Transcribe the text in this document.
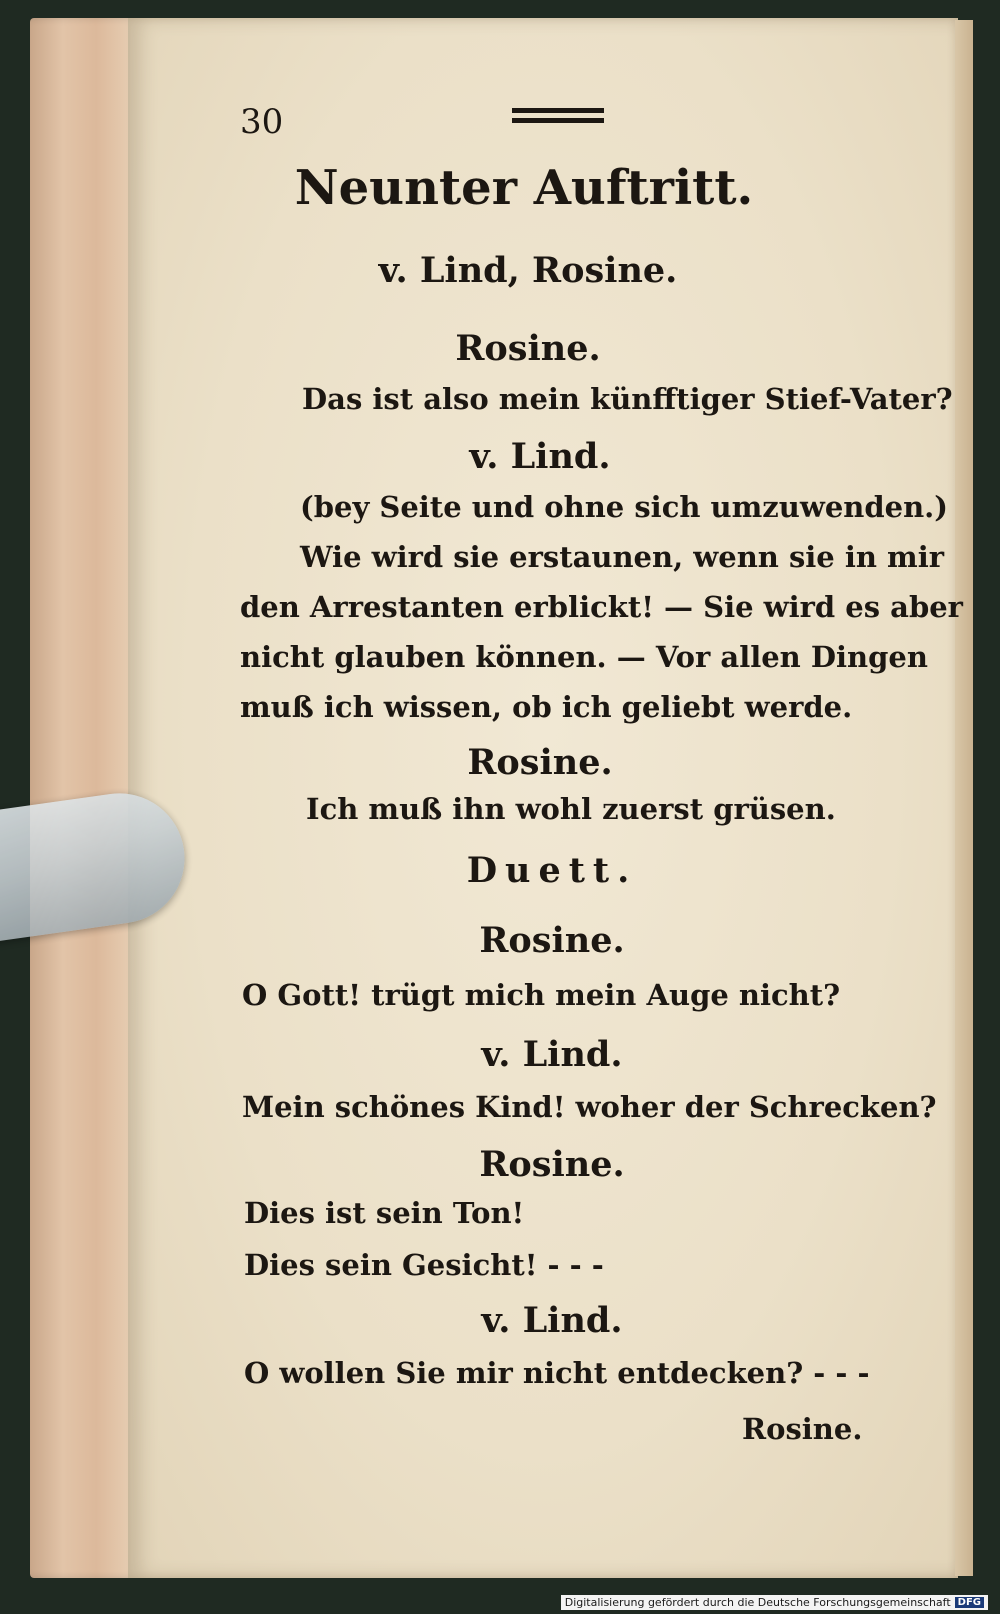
30
Neunter Auftritt.
v. Lind, Rosine.
Rosine.
Das ist also mein künfftiger Stief-Vater?
v. Lind.
(bey Seite und ohne sich umzuwenden.)
Wie wird sie erstaunen, wenn sie in mir
den Arrestanten erblickt! — Sie wird es aber
nicht glauben können. — Vor allen Dingen
muß ich wissen, ob ich geliebt werde.
Rosine.
Ich muß ihn wohl zuerst grüsen.
Duett.
Rosine.
O Gott! trügt mich mein Auge nicht?
v. Lind.
Mein schönes Kind! woher der Schrecken?
Rosine.
Dies ist sein Ton!
Dies sein Gesicht! - - -
v. Lind.
O wollen Sie mir nicht entdecken? - - -
Rosine.
Digitalisierung gefördert durch die Deutsche Forschungsgemeinschaft DFG
